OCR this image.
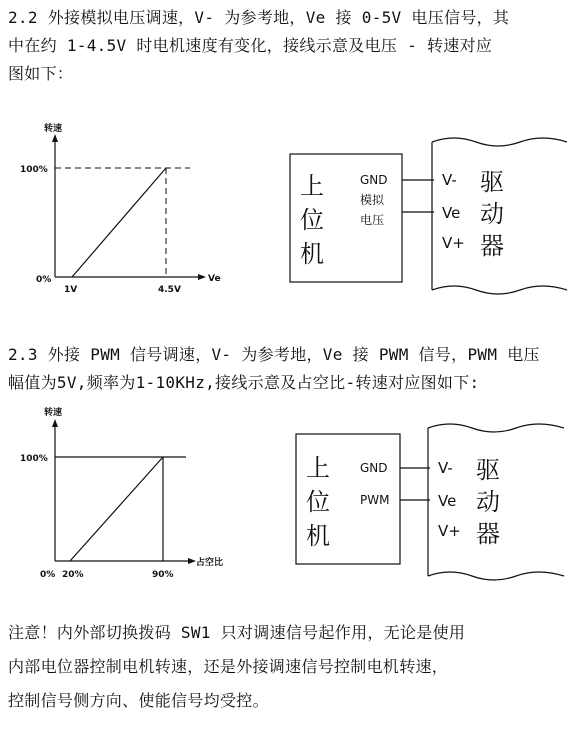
2.2 外接模拟电压调速，V- 为参考地，Ve 接 0-5V 电压信号，其
中在约 1-4.5V 时电机速度有变化，接线示意及电压 - 转速对应
图如下：

转速
Ve
100%
0%
1V	4.5V
上
位
机
GND
模拟
电压
V-
Ve
V+
驱
动
器

2.3 外接 PWM 信号调速，V- 为参考地，Ve 接 PWM 信号，PWM 电压
幅值为5V,频率为1-10KHz,接线示意及占空比-转速对应图如下:

转速
占空比
100%
0% 20%	90%
上
位
机
GND
PWM
V-
Ve
V+
驱
动
器

注意！内外部切换拨码 SW1 只对调速信号起作用，无论是使用
内部电位器控制电机转速，还是外接调速信号控制电机转速，
控制信号侧方向、使能信号均受控。
